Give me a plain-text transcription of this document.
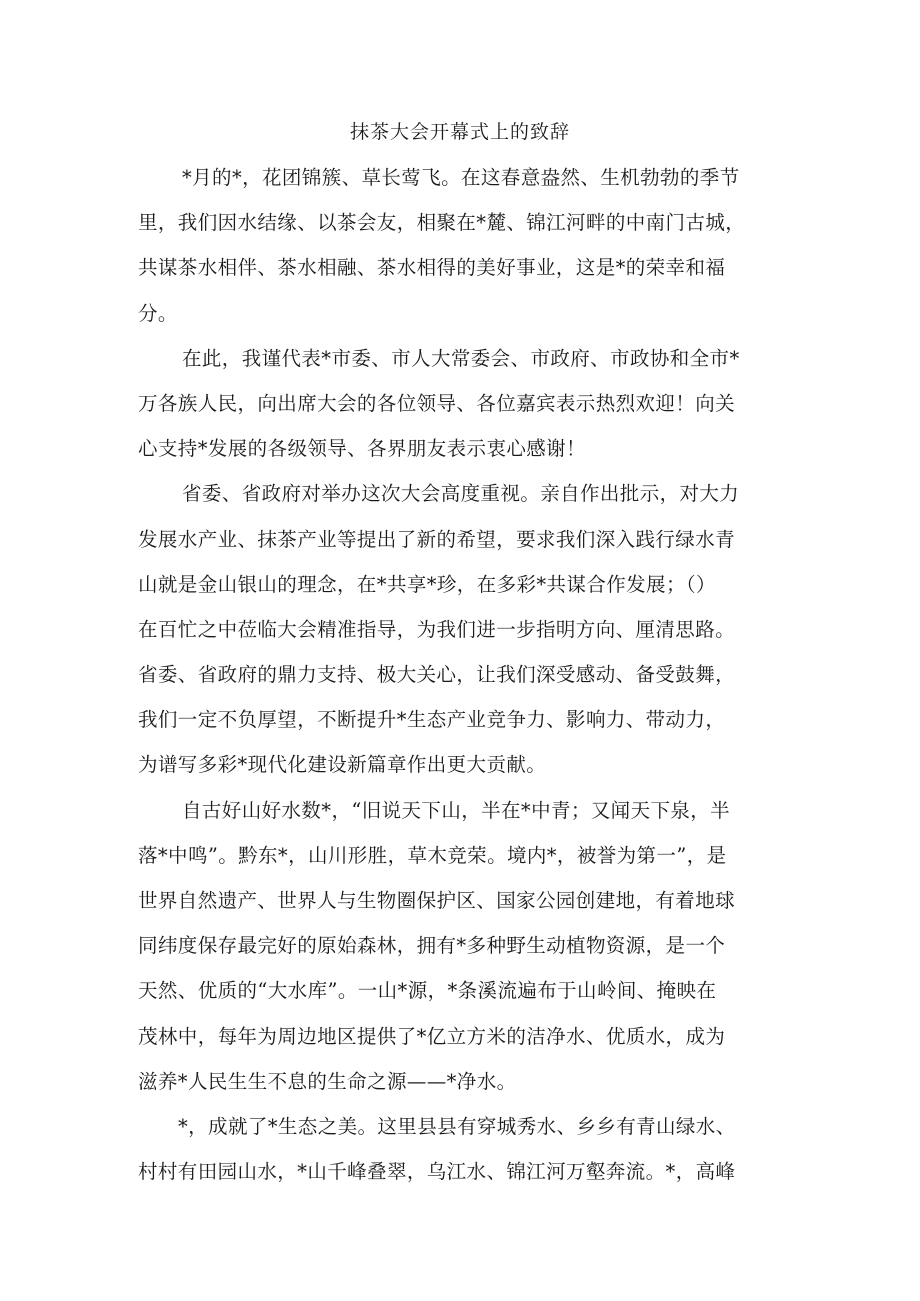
抹茶大会开幕式上的致辞
*月的*，花团锦簇、草长莺飞。在这春意盎然、生机勃勃的季节
里，我们因水结缘、以茶会友，相聚在*麓、锦江河畔的中南门古城，
共谋茶水相伴、茶水相融、茶水相得的美好事业，这是*的荣幸和福
分。
在此，我谨代表*市委、市人大常委会、市政府、市政协和全市*
万各族人民，向出席大会的各位领导、各位嘉宾表示热烈欢迎！向关
心支持*发展的各级领导、各界朋友表示衷心感谢！
省委、省政府对举办这次大会高度重视。亲自作出批示，对大力
发展水产业、抹茶产业等提出了新的希望，要求我们深入践行绿水青
山就是金山银山的理念，在*共享*珍，在多彩*共谋合作发展；（）
在百忙之中莅临大会精准指导，为我们进一步指明方向、厘清思路。
省委、省政府的鼎力支持、极大关心，让我们深受感动、备受鼓舞，
我们一定不负厚望，不断提升*生态产业竞争力、影响力、带动力，
为谱写多彩*现代化建设新篇章作出更大贡献。
自古好山好水数*，“旧说天下山，半在*中青；又闻天下泉，半
落*中鸣”。黔东*，山川形胜，草木竞荣。境内*，被誉为第一”，是
世界自然遗产、世界人与生物圈保护区、国家公园创建地，有着地球
同纬度保存最完好的原始森林，拥有*多种野生动植物资源，是一个
天然、优质的“大水库”。一山*源，*条溪流遍布于山岭间、掩映在
茂林中，每年为周边地区提供了*亿立方米的洁净水、优质水，成为
滋养*人民生生不息的生命之源——*净水。
*，成就了*生态之美。这里县县有穿城秀水、乡乡有青山绿水、
村村有田园山水，*山千峰叠翠，乌江水、锦江河万壑奔流。*，高峰
